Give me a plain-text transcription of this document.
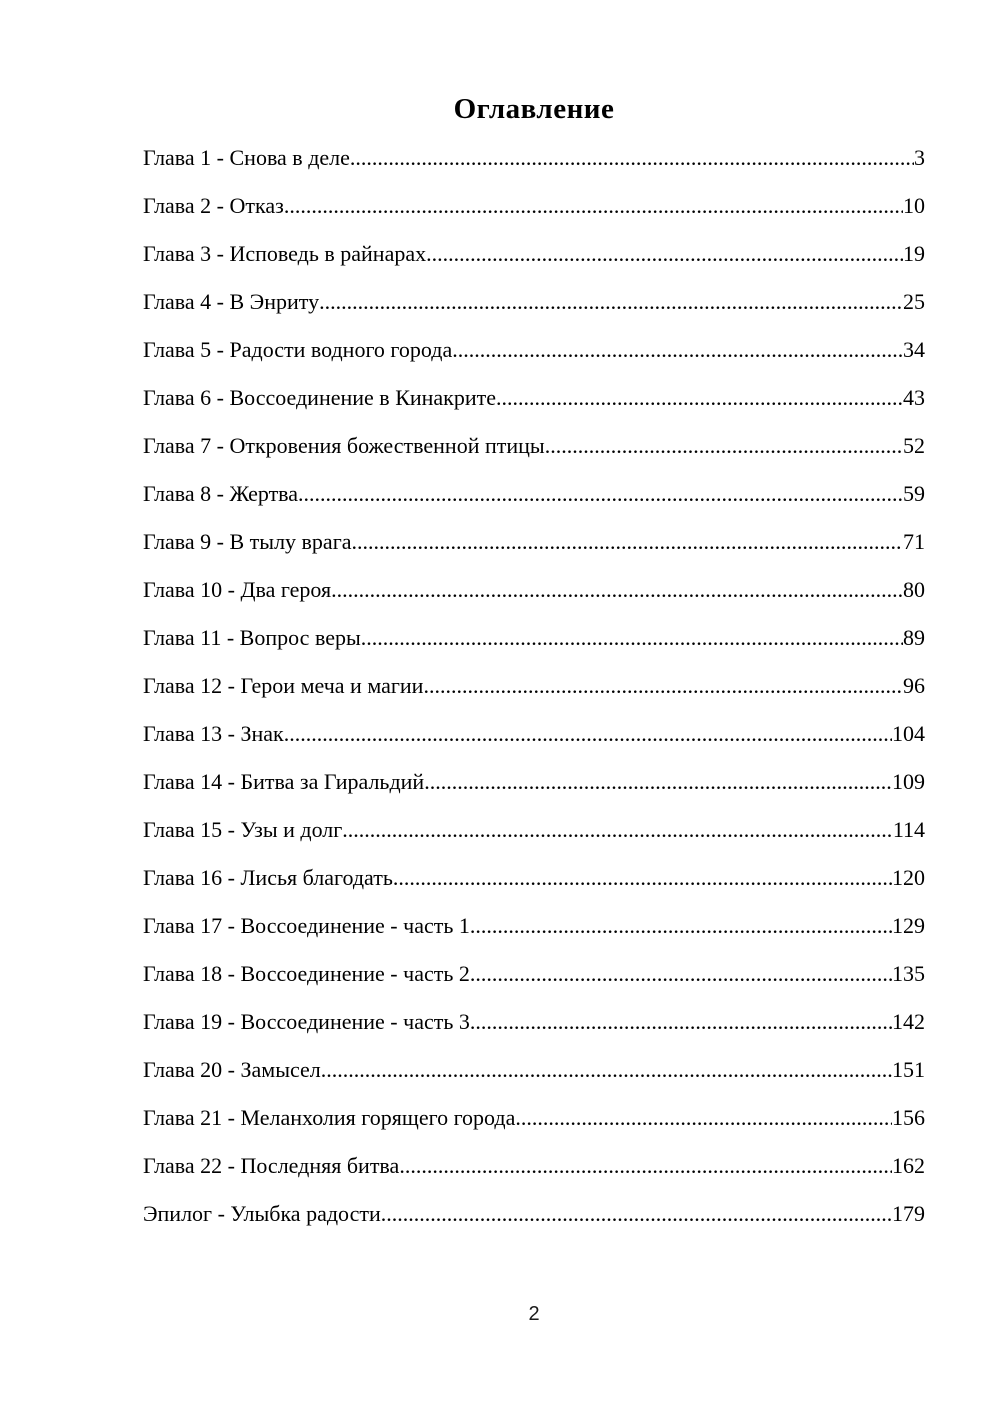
Оглавление
Глава 1 - Снова в деле .....	3
Глава 2 - Отказ .....	10
Глава 3 - Исповедь в райнарах .....	19
Глава 4 - В Энриту .....	25
Глава 5 - Радости водного города .....	34
Глава 6 - Воссоединение в Кинакрите .....	43
Глава 7 - Откровения божественной птицы .....	52
Глава 8 - Жертва .....	59
Глава 9 - В тылу врага .....	71
Глава 10 - Два героя .....	80
Глава 11 - Вопрос веры .....	89
Глава 12 - Герои меча и магии .....	96
Глава 13 - Знак .....	104
Глава 14 - Битва за Гиральдий .....	109
Глава 15 - Узы и долг .....	114
Глава 16 - Лисья благодать .....	120
Глава 17 - Воссоединение - часть 1 .....	129
Глава 18 - Воссоединение - часть 2 .....	135
Глава 19 - Воссоединение - часть 3 .....	142
Глава 20 - Замысел .....	151
Глава 21 - Меланхолия горящего города .....	156
Глава 22 - Последняя битва .....	162
Эпилог - Улыбка радости .....	179
2
